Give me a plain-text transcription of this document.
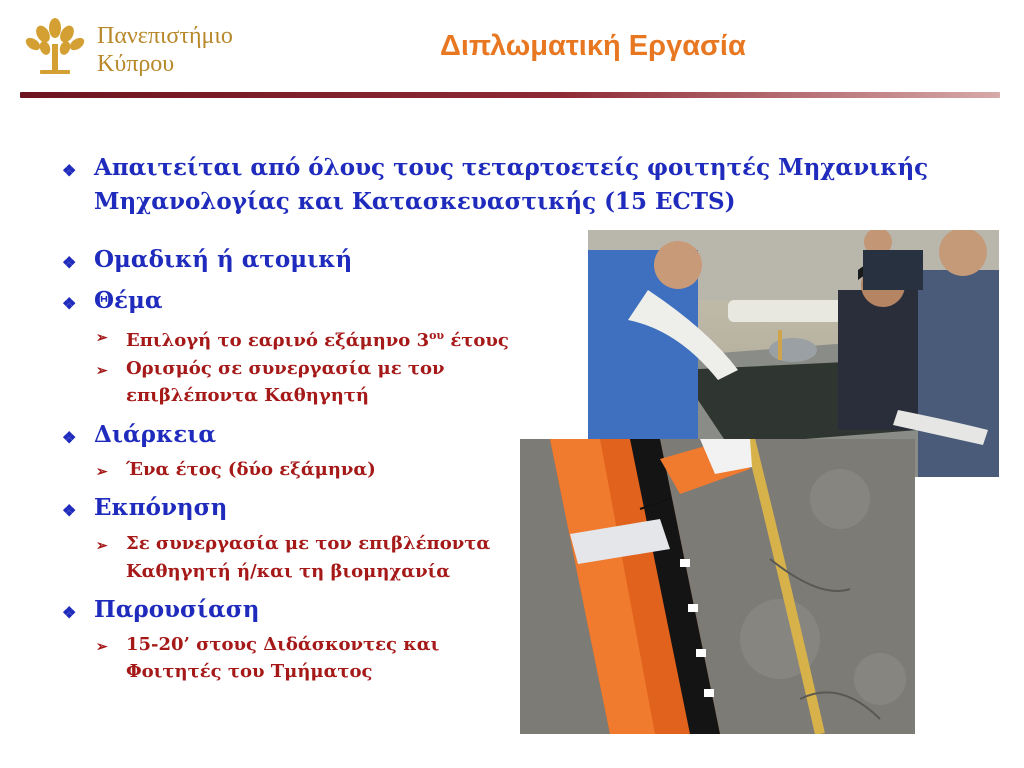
Πανεπιστήμιο
Κύπρου
Διπλωματική Εργασία
❖ Απαιτείται από όλους τους τεταρτοετείς φοιτητές Μηχανικής
Μηχανολογίας και Κατασκευαστικής (15 ECTS)
❖ Ομαδική ή ατομική
❖ Θέμα
➢ Επιλογή το εαρινό εξάμηνο $3^{o\upsilon}$ έτους
➢ Ορισμός σε συνεργασία με τον
επιβλέποντα Καθηγητή
❖ Διάρκεια
➢ Ένα έτος (δύο εξάμηνα)
❖ Εκπόνηση
➢ Σε συνεργασία με τον επιβλέποντα
Καθηγητή ή/και τη βιομηχανία
❖ Παρουσίαση
➢ 15-20’ στους Διδάσκοντες και
Φοιτητές του Τμήματος
